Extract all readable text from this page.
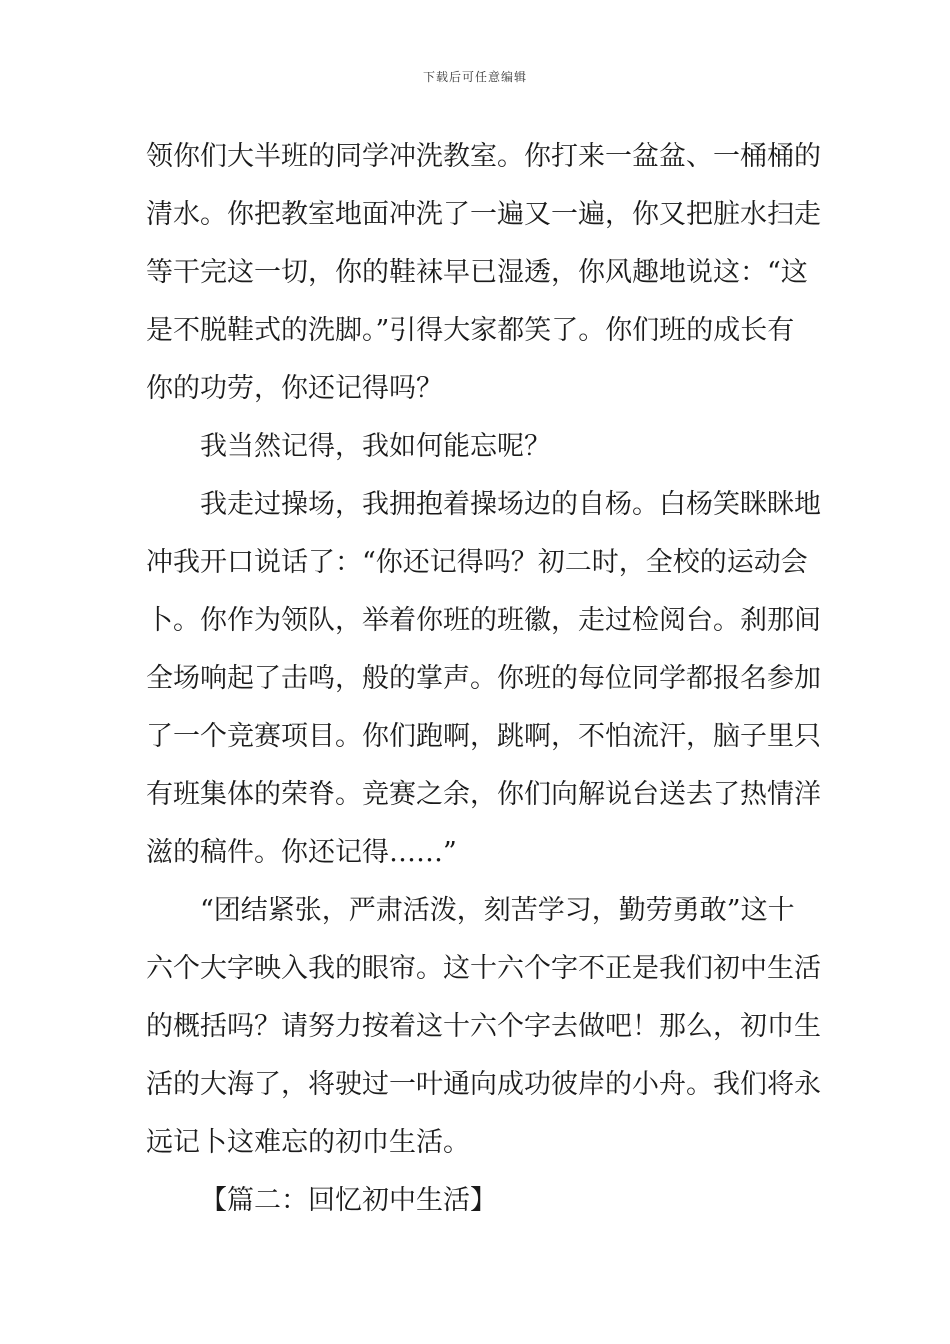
下载后可任意编辑
领你们大半班的同学冲洗教室。你打来一盆盆、一桶桶的
清水。你把教室地面冲洗了一遍又一遍，你又把脏水扫走
等干完这一切，你的鞋袜早已湿透，你风趣地说这：“这
是不脱鞋式的洗脚。”引得大家都笑了。你们班的成长有
你的功劳，你还记得吗？
我当然记得，我如何能忘呢？
我走过操场，我拥抱着操场边的自杨。白杨笑眯眯地
冲我开口说话了：“你还记得吗？初二时，全校的运动会
卜。你作为领队，举着你班的班徽，走过检阅台。刹那间
全场响起了击鸣，般的掌声。你班的每位同学都报名参加
了一个竞赛项目。你们跑啊，跳啊，不怕流汗，脑子里只
有班集体的荣脊。竞赛之余，你们向解说台送去了热情洋
滋的稿件。你还记得……”
“团结紧张，严肃活泼，刻苦学习，勤劳勇敢”这十
六个大字映入我的眼帘。这十六个字不正是我们初中生活
的概括吗？请努力按着这十六个字去做吧！那么，初巾生
活的大海了，将驶过一叶通向成功彼岸的小舟。我们将永
远记卜这难忘的初巾生活。
【篇二：回忆初中生活】
